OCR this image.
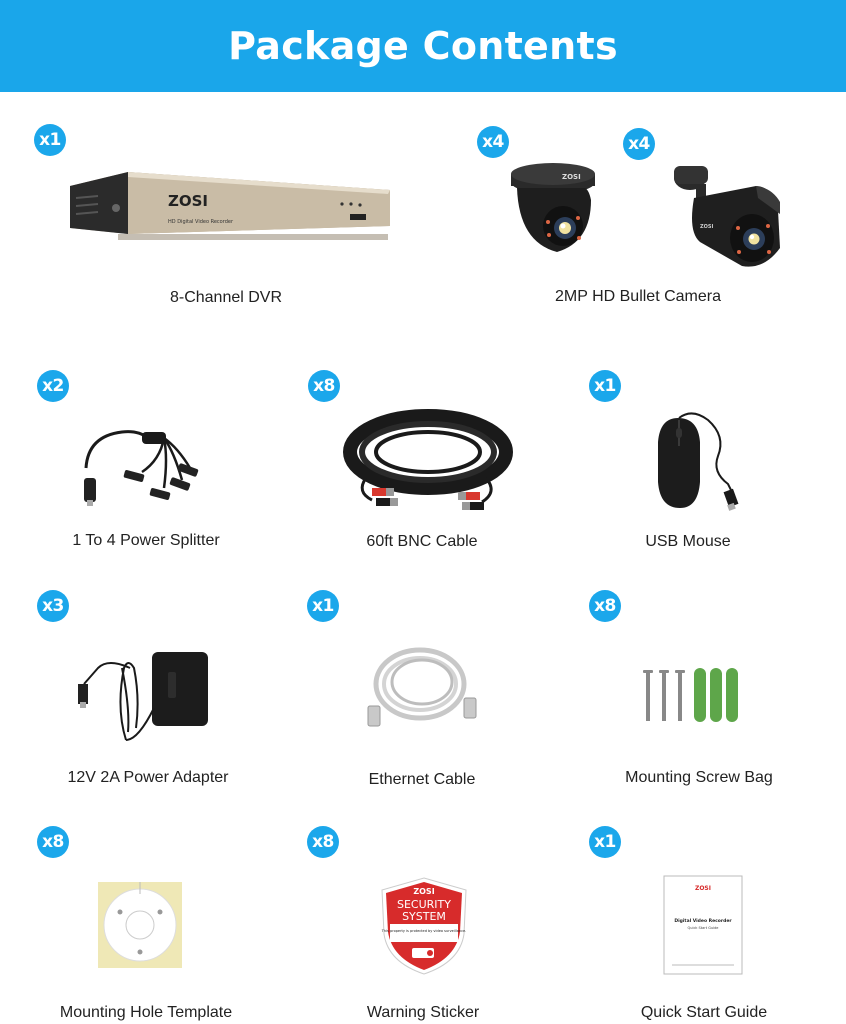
Package Contents
x1
ZOSI
HD Digital Video Recorder
8-Channel DVR
x4	x4
ZOSI
ZOSI
2MP HD Bullet Camera
x2
1 To 4 Power Splitter
x8
60ft BNC Cable
x1
USB Mouse
x3
12V 2A Power Adapter
x1
Ethernet Cable
x8
Mounting Screw Bag
x8
Mounting Hole Template
x8
ZOSI
SECURITY
SYSTEM
This property is protected by video surveillance.
Warning Sticker
x1
ZOSI
Digital Video Recorder
Quick Start Guide
Quick Start Guide
